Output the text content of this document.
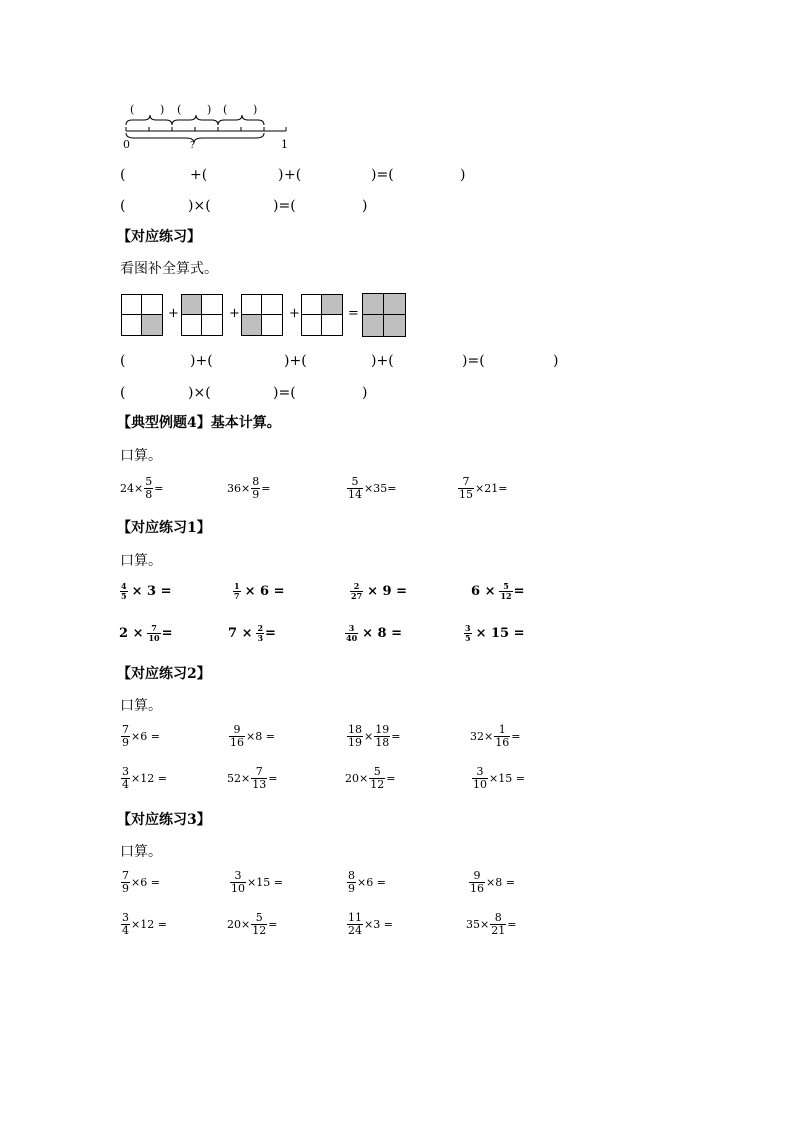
( ) ( ) ( )
0	1
?
(	+(	) +(	)=(	)
(	)×(	)=(	)
【对应练习】
看图补全算式。
+	+	+	=
(	)+(	)+(	)+(	)=(	)
(	)×(	)=(	)
【典型例题4】基本计算。
口算。
$24 \times \frac{5}{8}$ =	$36 \times \frac{8}{9}$ =	$\frac{5}{14} \times 35$ =	$\frac{7}{15} \times 21$ =
【对应练习1】
口算。
$\frac{4}{5} \times 3$ =	$\frac{1}{7} \times 6$ =	$\frac{2}{27} \times 9$ =	$6 \times \frac{5}{12}$ =
$2 \times \frac{7}{10}$ =	$7 \times \frac{2}{3}$ =	$\frac{3}{40} \times 8$ =	$\frac{3}{5} \times 15$ =
【对应练习2】
口算。
$\frac{7}{9} \times 6$ =	$\frac{9}{16} \times 8$ =	$\frac{18}{19} \times \frac{19}{18}$ =	$32\times \frac{1}{16}$ =
$\frac{3}{4} \times 12$ =	$52\times \frac{7}{13}$ =	$20\times \frac{5}{12}$ =	$\frac{3}{10} \times 15$ =
【对应练习3】
口算。
$\frac{7}{9} \times 6$ =	$\frac{3}{10} \times 15$ =	$\frac{8}{9} \times 6$ =	$\frac{9}{16} \times 8$ =
$\frac{3}{4} \times 12$ =	$20\times \frac{5}{12}$ =	$\frac{11}{24} \times 3$ =	$35\times \frac{8}{21}$ =
